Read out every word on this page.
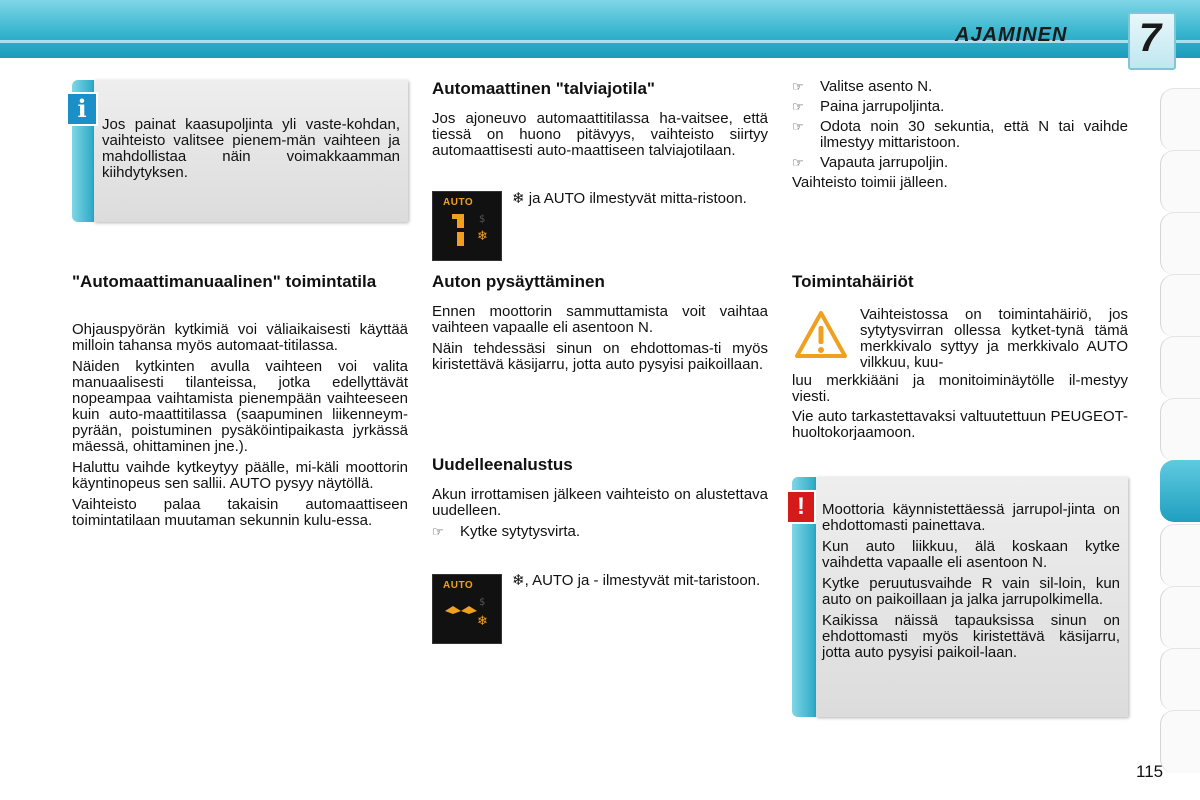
AJAMINEN 7
i
Jos painat kaasupoljinta yli vaste-kohdan, vaihteisto valitsee pienem-män vaihteen ja mahdollistaa näin voimakkaamman kiihdytyksen.
"Automaattimanuaalinen" toimintatila

Ohjauspyörän kytkimiä voi väliaikaisesti käyttää milloin tahansa myös automaat-titilassa.

Näiden kytkinten avulla vaihteen voi valita manuaalisesti tilanteissa, jotka edellyttävät nopeampaa vaihtamista pienempään vaihteeseen kuin auto-maattitilassa (saapuminen liikenneym-pyrään, poistuminen pysäköintipaikasta jyrkässä mäessä, ohittaminen jne.).

Haluttu vaihde kytkeytyy päälle, mi-käli moottorin käyntinopeus sen sallii. AUTO pysyy näytöllä.

Vaihteisto palaa takaisin automaattiseen toimintatilaan muutaman sekunnin kulu-essa.

Automaattinen "talviajotila"
Jos ajoneuvo automaattitilassa ha-vaitsee, että tiessä on huono pitävyys, vaihteisto siirtyy automaattisesti auto-maattiseen talviajotilaan.
AUTO
$
❄
❄ ja AUTO ilmestyvät mitta-ristoon.
Auton pysäyttäminen

Ennen moottorin sammuttamista voit vaihtaa vaihteen vapaalle eli asentoon N.

Näin tehdessäsi sinun on ehdottomas-ti myös kiristettävä käsijarru, jotta auto pysyisi paikoillaan.

Uudelleenalustus
Akun irrottamisen jälkeen vaihteisto on alustettava uudelleen.
☞	Kytke sytytysvirta.
AUTO
$
❄
❄, AUTO ja - ilmestyvät mit-taristoon.
☞	Valitse asento N.
☞	Paina jarrupoljinta.
☞	Odota noin 30 sekuntia, että N tai vaihde ilmestyy mittaristoon.
☞	Vapauta jarrupoljin.

Vaihteisto toimii jälleen.

Toimintahäiriöt
Vaihteistossa on toimintahäiriö, jos sytytysvirran ollessa kytket-tynä tämä merkkivalo syttyy ja merkkivalo AUTO vilkkuu, kuu-
luu merkkiääni ja monitoiminäytölle il-mestyy viesti.
Vie auto tarkastettavaksi valtuutettuun PEUGEOT-huoltokorjaamoon.
!	Moottoria käynnistettäessä jarrupol-jinta on ehdottomasti painettava.

Kun auto liikkuu, älä koskaan kytke vaihdetta vapaalle eli asentoon N.

Kytke peruutusvaihde R vain sil-loin, kun auto on paikoillaan ja jalka jarrupolkimella.

Kaikissa näissä tapauksissa sinun on ehdottomasti myös kiristettävä käsijarru, jotta auto pysyisi paikoil-laan.

115
